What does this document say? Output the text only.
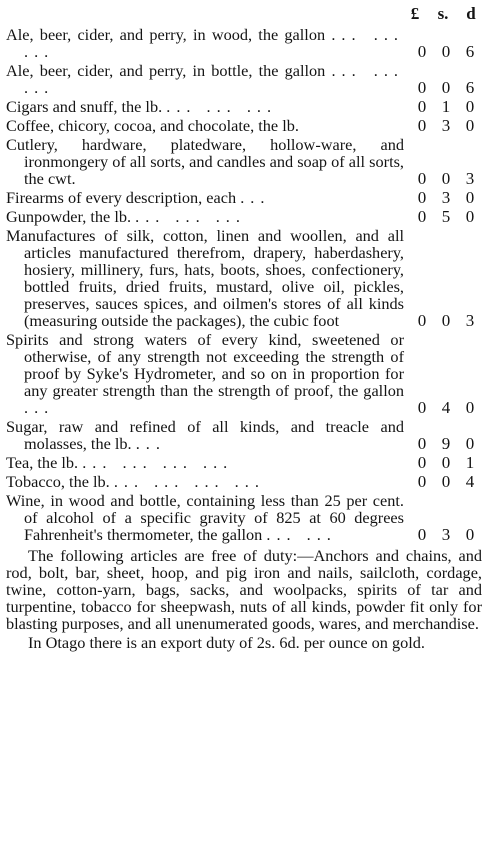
£	s.	d
Ale, beer, cider, and perry, in wood, the gallon ... ... ...	0 0 6
Ale, beer, cider, and perry, in bottle, the gallon ... ... ...	0 0 6
Cigars and snuff, the lb. ... ... ...	0 1 0
Coffee, chicory, cocoa, and chocolate, the lb.	0 3 0
Cutlery, hardware, platedware, hollow-ware, and ironmongery of all sorts, and candles and soap of all sorts, the cwt.	0 0 3
Firearms of every description, each ...	0 3 0
Gunpowder, the lb. ... ... ...	0 5 0
Manufactures of silk, cotton, linen and woollen, and all articles manufactured therefrom, drapery, haberdashery, hosiery, millinery, furs, hats, boots, shoes, confectionery, bottled fruits, dried fruits, mustard, olive oil, pickles, preserves, sauces spices, and oilmen's stores of all kinds (measuring outside the packages), the cubic foot	0 0 3
Spirits and strong waters of every kind, sweetened or otherwise, of any strength not exceeding the strength of proof by Syke's Hydrometer, and so on in proportion for any greater strength than the strength of proof, the gallon ...	0 4 0
Sugar, raw and refined of all kinds, and treacle and molasses, the lb. ...	0 9 0
Tea, the lb. ... ... ... ...	0 0 1
Tobacco, the lb. ... ... ... ...	0 0 4
Wine, in wood and bottle, containing less than 25 per cent. of alcohol of a specific gravity of 825 at 60 degrees Fahrenheit's thermometer, the gallon ... ...	0 3 0

The following articles are free of duty:—Anchors and chains, and rod, bolt, bar, sheet, hoop, and pig iron and nails, sailcloth, cordage, twine, cotton-yarn, bags, sacks, and woolpacks, spirits of tar and turpentine, tobacco for sheepwash, nuts of all kinds, powder fit only for blasting purposes, and all unenumerated goods, wares, and merchandise.

In Otago there is an export duty of 2s. 6d. per ounce on gold.
